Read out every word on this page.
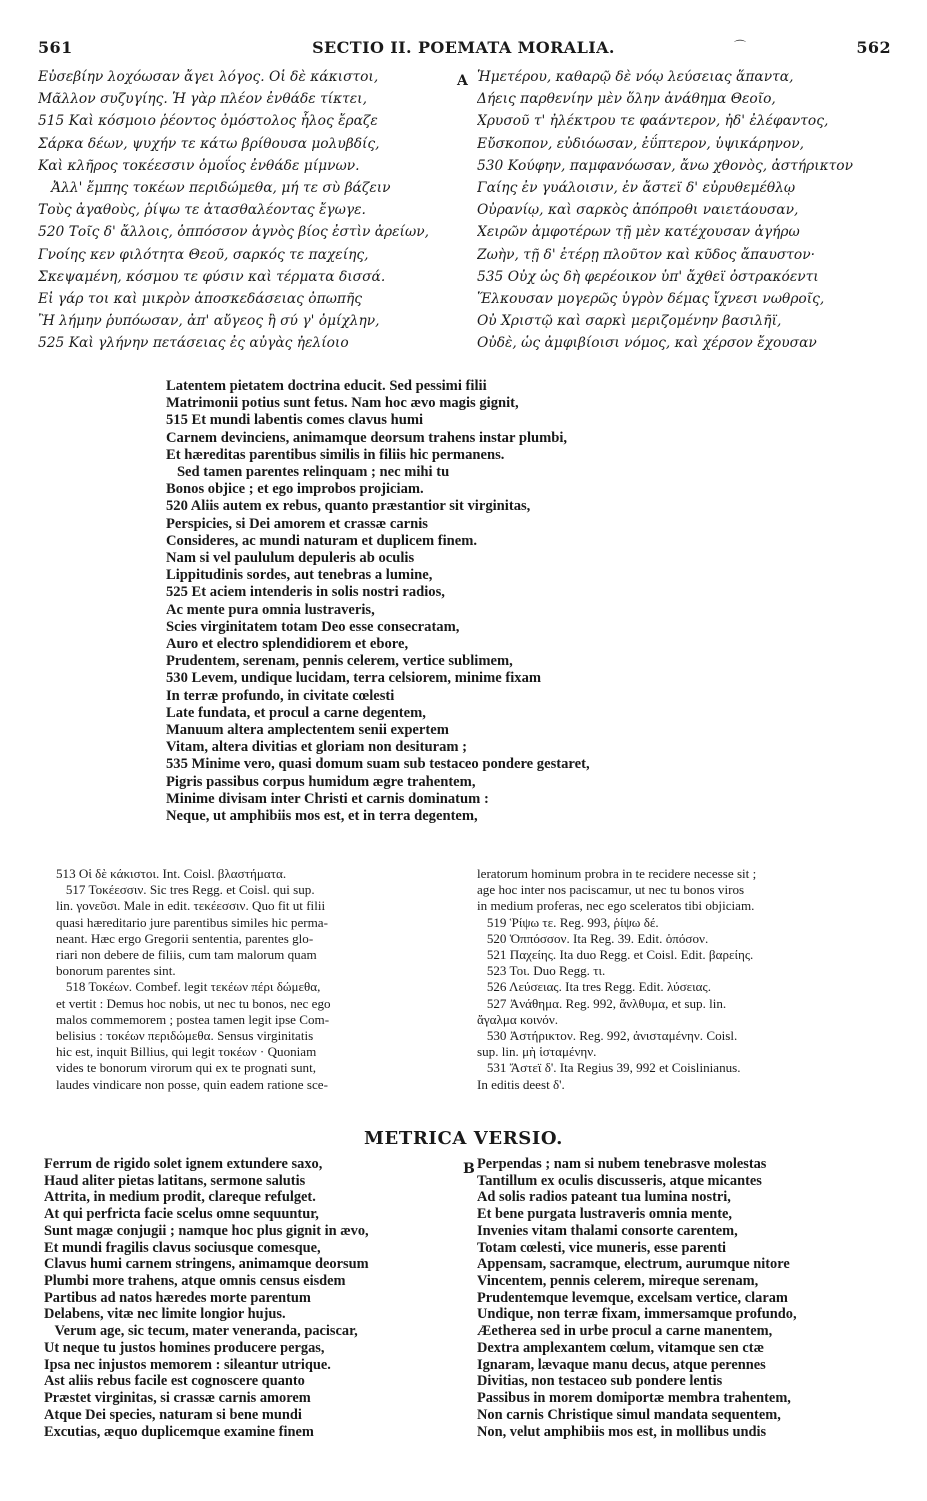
561	SECTIO II. POEMATA MORALIA.	562
⌒
A
B
Εὐσεβίην λοχόωσαν ἄγει λόγος. Οἱ δὲ κάκιστοι,
Μᾶλλον συζυγίης. Ἡ γὰρ πλέον ἐνθάδε τίκτει,
515 Καὶ κόσμοιο ῥέοντος ὁμόστολος ἧλος ἔραζε
Σάρκα δέων, ψυχήν τε κάτω βρίθουσα μολυβδίς,
Καὶ κλῆρος τοκέεσσιν ὁμοΐος ἐνθάδε μίμνων.
Ἀλλ' ἔμπης τοκέων περιδώμεθα, μή τε σὺ βάζειν
Τοὺς ἀγαθοὺς, ῥίψω τε ἀτασθαλέοντας ἔγωγε.
520 Τοῖς δ' ἄλλοις, ὁππόσσον ἁγνὸς βίος ἐστὶν ἀρείων,
Γνοίης κεν φιλότητα Θεοῦ, σαρκός τε παχείης,
Σκεψαμένη, κόσμου τε φύσιν καὶ τέρματα δισσά.
Εἰ γάρ τοι καὶ μικρὸν ἀποσκεδάσειας ὀπωπῆς
Ἢ λήμην ῥυπόωσαν, ἀπ' αὔγεος ἢ σύ γ' ὀμίχλην,
525 Καὶ γλήνην πετάσειας ἐς αὐγὰς ἠελίοιο
Ἡμετέρου, καθαρῷ δὲ νόῳ λεύσειας ἅπαντα,
Δήεις παρθενίην μὲν ὅλην ἀνάθημα Θεοῖο,
Χρυσοῦ τ' ἠλέκτρου τε φαάντερον, ἠδ' ἐλέφαντος,
Εὔσκοπον, εὐδιόωσαν, ἐΰπτερον, ὑψικάρηνον,
530 Κούφην, παμφανόωσαν, ἄνω χθονὸς, ἀστήρικτον
Γαίης ἐν γυάλοισιν, ἐν ἄστεϊ δ' εὐρυθεμέθλῳ
Οὐρανίῳ, καὶ σαρκὸς ἀπόπροθι ναιετάουσαν,
Χειρῶν ἀμφοτέρων τῇ μὲν κατέχουσαν ἀγήρω
Ζωὴν, τῇ δ' ἑτέρῃ πλοῦτον καὶ κῦδος ἄπαυστον·
535 Οὐχ ὡς δὴ φερέοικον ὑπ' ἄχθεϊ ὀστρακόεντι
Ἕλκουσαν μογερῶς ὑγρὸν δέμας ἴχνεσι νωθροῖς,
Οὐ Χριστῷ καὶ σαρκὶ μεριζομένην βασιλῆϊ,
Οὐδὲ, ὡς ἀμφιβίοισι νόμος, καὶ χέρσον ἔχουσαν
Latentem pietatem doctrina educit. Sed pessimi filii
Matrimonii potius sunt fetus. Nam hoc ævo magis gignit,
515 Et mundi labentis comes clavus humi
Carnem devinciens, animamque deorsum trahens instar plumbi,
Et hæreditas parentibus similis in filiis hic permanens.
Sed tamen parentes relinquam ; nec mihi tu
Bonos objice ; et ego improbos projiciam.
520 Aliis autem ex rebus, quanto præstantior sit virginitas,
Perspicies, si Dei amorem et crassæ carnis
Consideres, ac mundi naturam et duplicem finem.
Nam si vel paululum depuleris ab oculis
Lippitudinis sordes, aut tenebras a lumine,
525 Et aciem intenderis in solis nostri radios,
Ac mente pura omnia lustraveris,
Scies virginitatem totam Deo esse consecratam,
Auro et electro splendidiorem et ebore,
Prudentem, serenam, pennis celerem, vertice sublimem,
530 Levem, undique lucidam, terra celsiorem, minime fixam
In terræ profundo, in civitate cœlesti
Late fundata, et procul a carne degentem,
Manuum altera amplectentem senii expertem
Vitam, altera divitias et gloriam non desituram ;
535 Minime vero, quasi domum suam sub testaceo pondere gestaret,
Pigris passibus corpus humidum ægre trahentem,
Minime divisam inter Christi et carnis dominatum :
Neque, ut amphibiis mos est, et in terra degentem,
513 Οἱ δὲ κάκιστοι. Int. Coisl. βλαστήματα.
517 Τοκέεσσιν. Sic tres Regg. et Coisl. qui sup.
lin. γονεῦσι. Male in edit. τεκέεσσιν. Quo fit ut filii
quasi hæreditario jure parentibus similes hic perma-
neant. Hæc ergo Gregorii sententia, parentes glo-
riari non debere de filiis, cum tam malorum quam
bonorum parentes sint.
518 Τοκέων. Combef. legit τεκέων πέρι δώμεθα,
et vertit : Demus hoc nobis, ut nec tu bonos, nec ego
malos commemorem ; postea tamen legit ipse Com-
belisius : τοκέων περιδώμεθα. Sensus virginitatis
hic est, inquit Billius, qui legit τοκέων · Quoniam
vides te bonorum virorum qui ex te prognati sunt,
laudes vindicare non posse, quin eadem ratione sce-
leratorum hominum probra in te recidere necesse sit ;
age hoc inter nos paciscamur, ut nec tu bonos viros
in medium proferas, nec ego sceleratos tibi objiciam.
519 Ῥίψω τε. Reg. 993, ῥίψω δέ.
520 Ὁππόσσον. Ita Reg. 39. Edit. ὁπόσον.
521 Παχείης. Ita duo Regg. et Coisl. Edit. βαρείης.
523 Τοι. Duo Regg. τι.
526 Λεύσειας. Ita tres Regg. Edit. λύσειας.
527 Ἀνάθημα. Reg. 992, ἄνλθυμα, et sup. lin.
ἄγαλμα κοινόν.
530 Ἀστήρικτον. Reg. 992, ἀνισταμένην. Coisl.
sup. lin. μὴ ἱσταμένην.
531 Ἄστεϊ δ'. Ita Regius 39, 992 et Coislinianus.
In editis deest δ'.
METRICA VERSIO.
Ferrum de rigido solet ignem extundere saxo,
Haud aliter pietas latitans, sermone salutis
Attrita, in medium prodit, clareque refulget.
At qui perfricta facie scelus omne sequuntur,
Sunt magæ conjugii ; namque hoc plus gignit in ævo,
Et mundi fragilis clavus sociusque comesque,
Clavus humi carnem stringens, animamque deorsum
Plumbi more trahens, atque omnis census eisdem
Partibus ad natos hæredes morte parentum
Delabens, vitæ nec limite longior hujus.
Verum age, sic tecum, mater veneranda, paciscar,
Ut neque tu justos homines producere pergas,
Ipsa nec injustos memorem : sileantur utrique.
Ast aliis rebus facile est cognoscere quanto
Præstet virginitas, si crassæ carnis amorem
Atque Dei species, naturam si bene mundi
Excutias, æquo duplicemque examine finem
Perpendas ; nam si nubem tenebrasve molestas
Tantillum ex oculis discusseris, atque micantes
Ad solis radios pateant tua lumina nostri,
Et bene purgata lustraveris omnia mente,
Invenies vitam thalami consorte carentem,
Totam cœlesti, vice muneris, esse parenti
Appensam, sacramque, electrum, aurumque nitore
Vincentem, pennis celerem, mireque serenam,
Prudentemque levemque, excelsam vertice, claram
Undique, non terræ fixam, immersamque profundo,
Æetherea sed in urbe procul a carne manentem,
Dextra amplexantem cœlum, vitamque sen ctæ
Ignaram, lævaque manu decus, atque perennes
Divitias, non testaceo sub pondere lentis
Passibus in morem domiportæ membra trahentem,
Non carnis Christique simul mandata sequentem,
Non, velut amphibiis mos est, in mollibus undis
